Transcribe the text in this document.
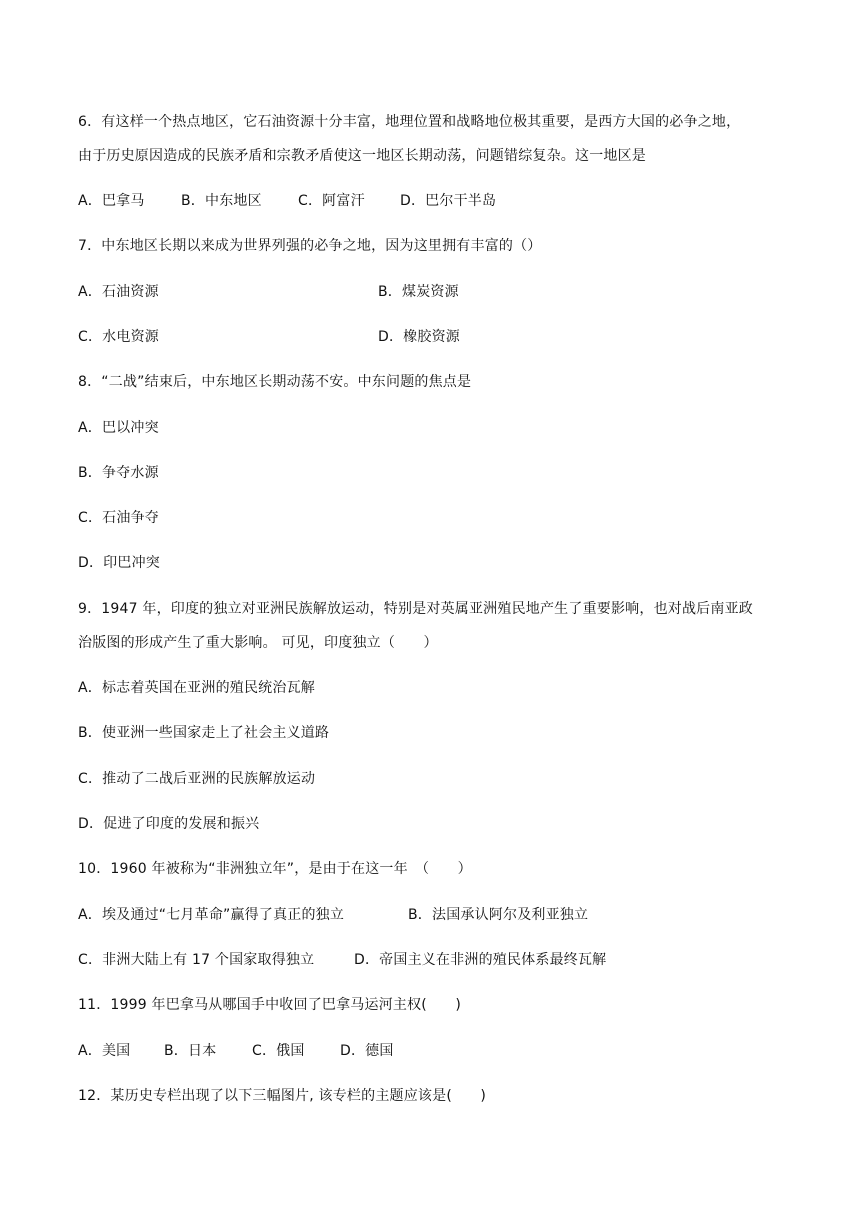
6．有这样一个热点地区，它石油资源十分丰富，地理位置和战略地位极其重要，是西方大国的必争之地，
由于历史原因造成的民族矛盾和宗教矛盾使这一地区长期动荡，问题错综复杂。这一地区是
A．巴拿马	B．中东地区	C．阿富汗	D．巴尔干半岛
7．中东地区长期以来成为世界列强的必争之地，因为这里拥有丰富的（）
A．石油资源	B．煤炭资源
C．水电资源	D．橡胶资源
8．“二战”结束后，中东地区长期动荡不安。中东问题的焦点是
A．巴以冲突
B．争夺水源
C．石油争夺
D．印巴冲突
9．1947 年，印度的独立对亚洲民族解放运动，特别是对英属亚洲殖民地产生了重要影响，也对战后南亚政
治版图的形成产生了重大影响。 可见，印度独立（　　）
A．标志着英国在亚洲的殖民统治瓦解
B．使亚洲一些国家走上了社会主义道路
C．推动了二战后亚洲的民族解放运动
D．促进了印度的发展和振兴
10．1960 年被称为“非洲独立年”，是由于在这一年　（　　）
A．埃及通过“七月革命”赢得了真正的独立	B．法国承认阿尔及利亚独立
C．非洲大陆上有 17 个国家取得独立	D．帝国主义在非洲的殖民体系最终瓦解
11．1999 年巴拿马从哪国手中收回了巴拿马运河主权(　　)
A．美国 B．日本	C．俄国	D．德国
12．某历史专栏出现了以下三幅图片, 该专栏的主题应该是(　　)
